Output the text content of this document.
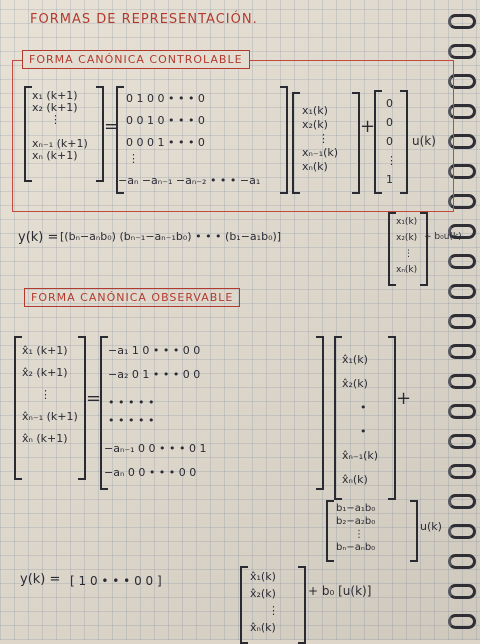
FORMAS DE REPRESENTACIÓN.
FORMA CANÓNICA CONTROLABLE
x₁ (k+1)
x₂ (k+1)
⋮
xₙ₋₁ (k+1)
xₙ (k+1)
=
0 1 0 0 • • • 0
0 0 1 0 • • • 0
0 0 0 1 • • • 0
⋮
−aₙ −aₙ₋₁ −aₙ₋₂ • • • −a₁
x₁(k)
x₂(k)
⋮
xₙ₋₁(k)
xₙ(k)
+
0
0
0
⋮
1
u(k)
y(k) = [(bₙ−aₙb₀) (bₙ₋₁−aₙ₋₁b₀) • • • (b₁−a₁b₀)]
x₁(k)
x₂(k)
⋮
xₙ(k)
+ b₀u(k)
FORMA CANÓNICA OBSERVABLE
x̂₁ (k+1)
x̂₂ (k+1)
⋮
x̂ₙ₋₁ (k+1)
x̂ₙ (k+1)
=
−a₁ 1 0 • • • 0 0
−a₂ 0 1 • • • 0 0
• • • • •
• • • • •
−aₙ₋₁ 0 0 • • • 0 1
−aₙ 0 0 • • • 0 0
x̂₁(k)
x̂₂(k)
•
•
x̂ₙ₋₁(k)
x̂ₙ(k)
+
b₁−a₁b₀
b₂−a₂b₀
⋮
bₙ−aₙb₀
u(k)
y(k) = [ 1 0 • • • 0 0 ]	x̂₁(k)
x̂₂(k)
⋮
x̂ₙ(k)
+ b₀ [u(k)]
